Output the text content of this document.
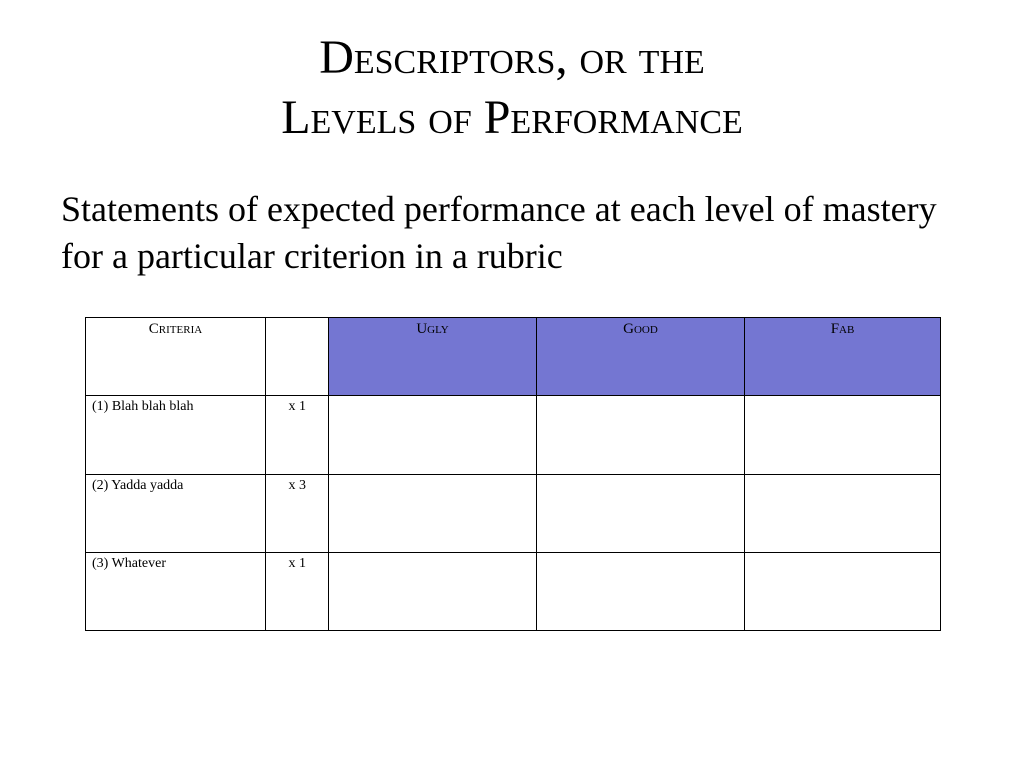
Descriptors, or the
Levels of Performance

Statements of expected performance at each level of mastery for a particular criterion in a rubric

Criteria		Ugly	Good	Fab
(1) Blah blah blah	x 1			
(2) Yadda yadda	x 3			
(3) Whatever	x 1			
